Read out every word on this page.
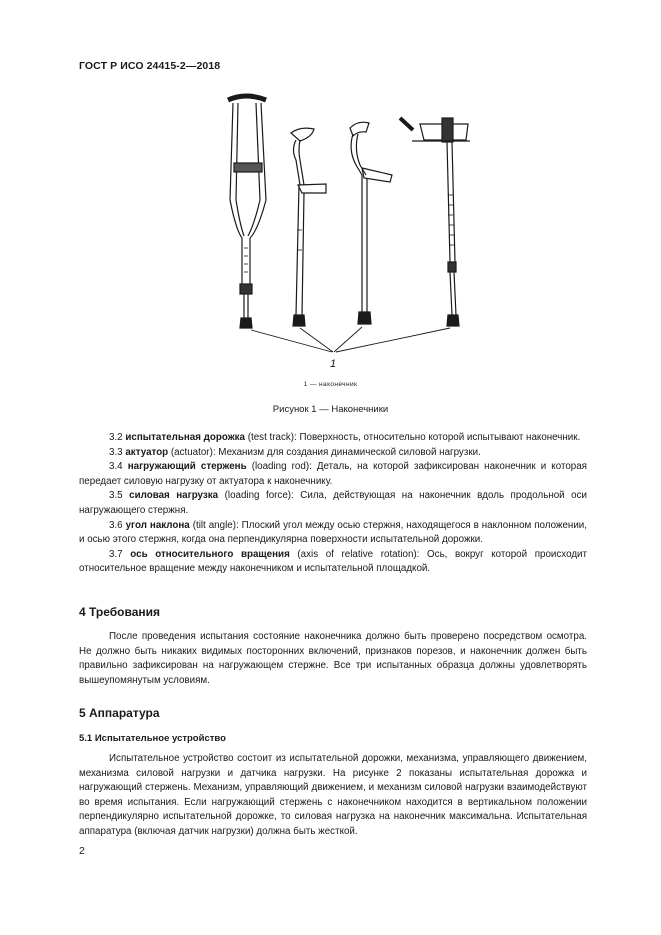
ГОСТ Р ИСО 24415-2—2018
1
1 — наконечник
Рисунок 1 — Наконечники

3.2 испытательная дорожка (test track): Поверхность, относительно которой испытывают наконечник.

3.3 актуатор (actuator): Механизм для создания динамической силовой нагрузки.

3.4 нагружающий стержень (loading rod): Деталь, на которой зафиксирован наконечник и которая передает силовую нагрузку от актуатора к наконечнику.

3.5 силовая нагрузка (loading force): Сила, действующая на наконечник вдоль продольной оси нагружающего стержня.

3.6 угол наклона (tilt angle): Плоский угол между осью стержня, находящегося в наклонном положении, и осью этого стержня, когда она перпендикулярна поверхности испытательной дорожки.

3.7 ось относительного вращения (axis of relative rotation): Ось, вокруг которой происходит относительное вращение между наконечником и испытательной площадкой.

4 Требования

После проведения испытания состояние наконечника должно быть проверено посредством осмотра. Не должно быть никаких видимых посторонних включений, признаков порезов, и наконечник должен быть правильно зафиксирован на нагружающем стержне. Все три испытанных образца должны удовлетворять вышеупомянутым условиям.

5 Аппаратура
5.1 Испытательное устройство

Испытательное устройство состоит из испытательной дорожки, механизма, управляющего движением, механизма силовой нагрузки и датчика нагрузки. На рисунке 2 показаны испытательная дорожка и нагружающий стержень. Механизм, управляющий движением, и механизм силовой нагрузки взаимодействуют во время испытания. Если нагружающий стержень с наконечником находится в вертикальном положении перпендикулярно испытательной дорожке, то силовая нагрузка на наконечник максимальна. Испытательная аппаратура (включая датчик нагрузки) должна быть жесткой.

2
